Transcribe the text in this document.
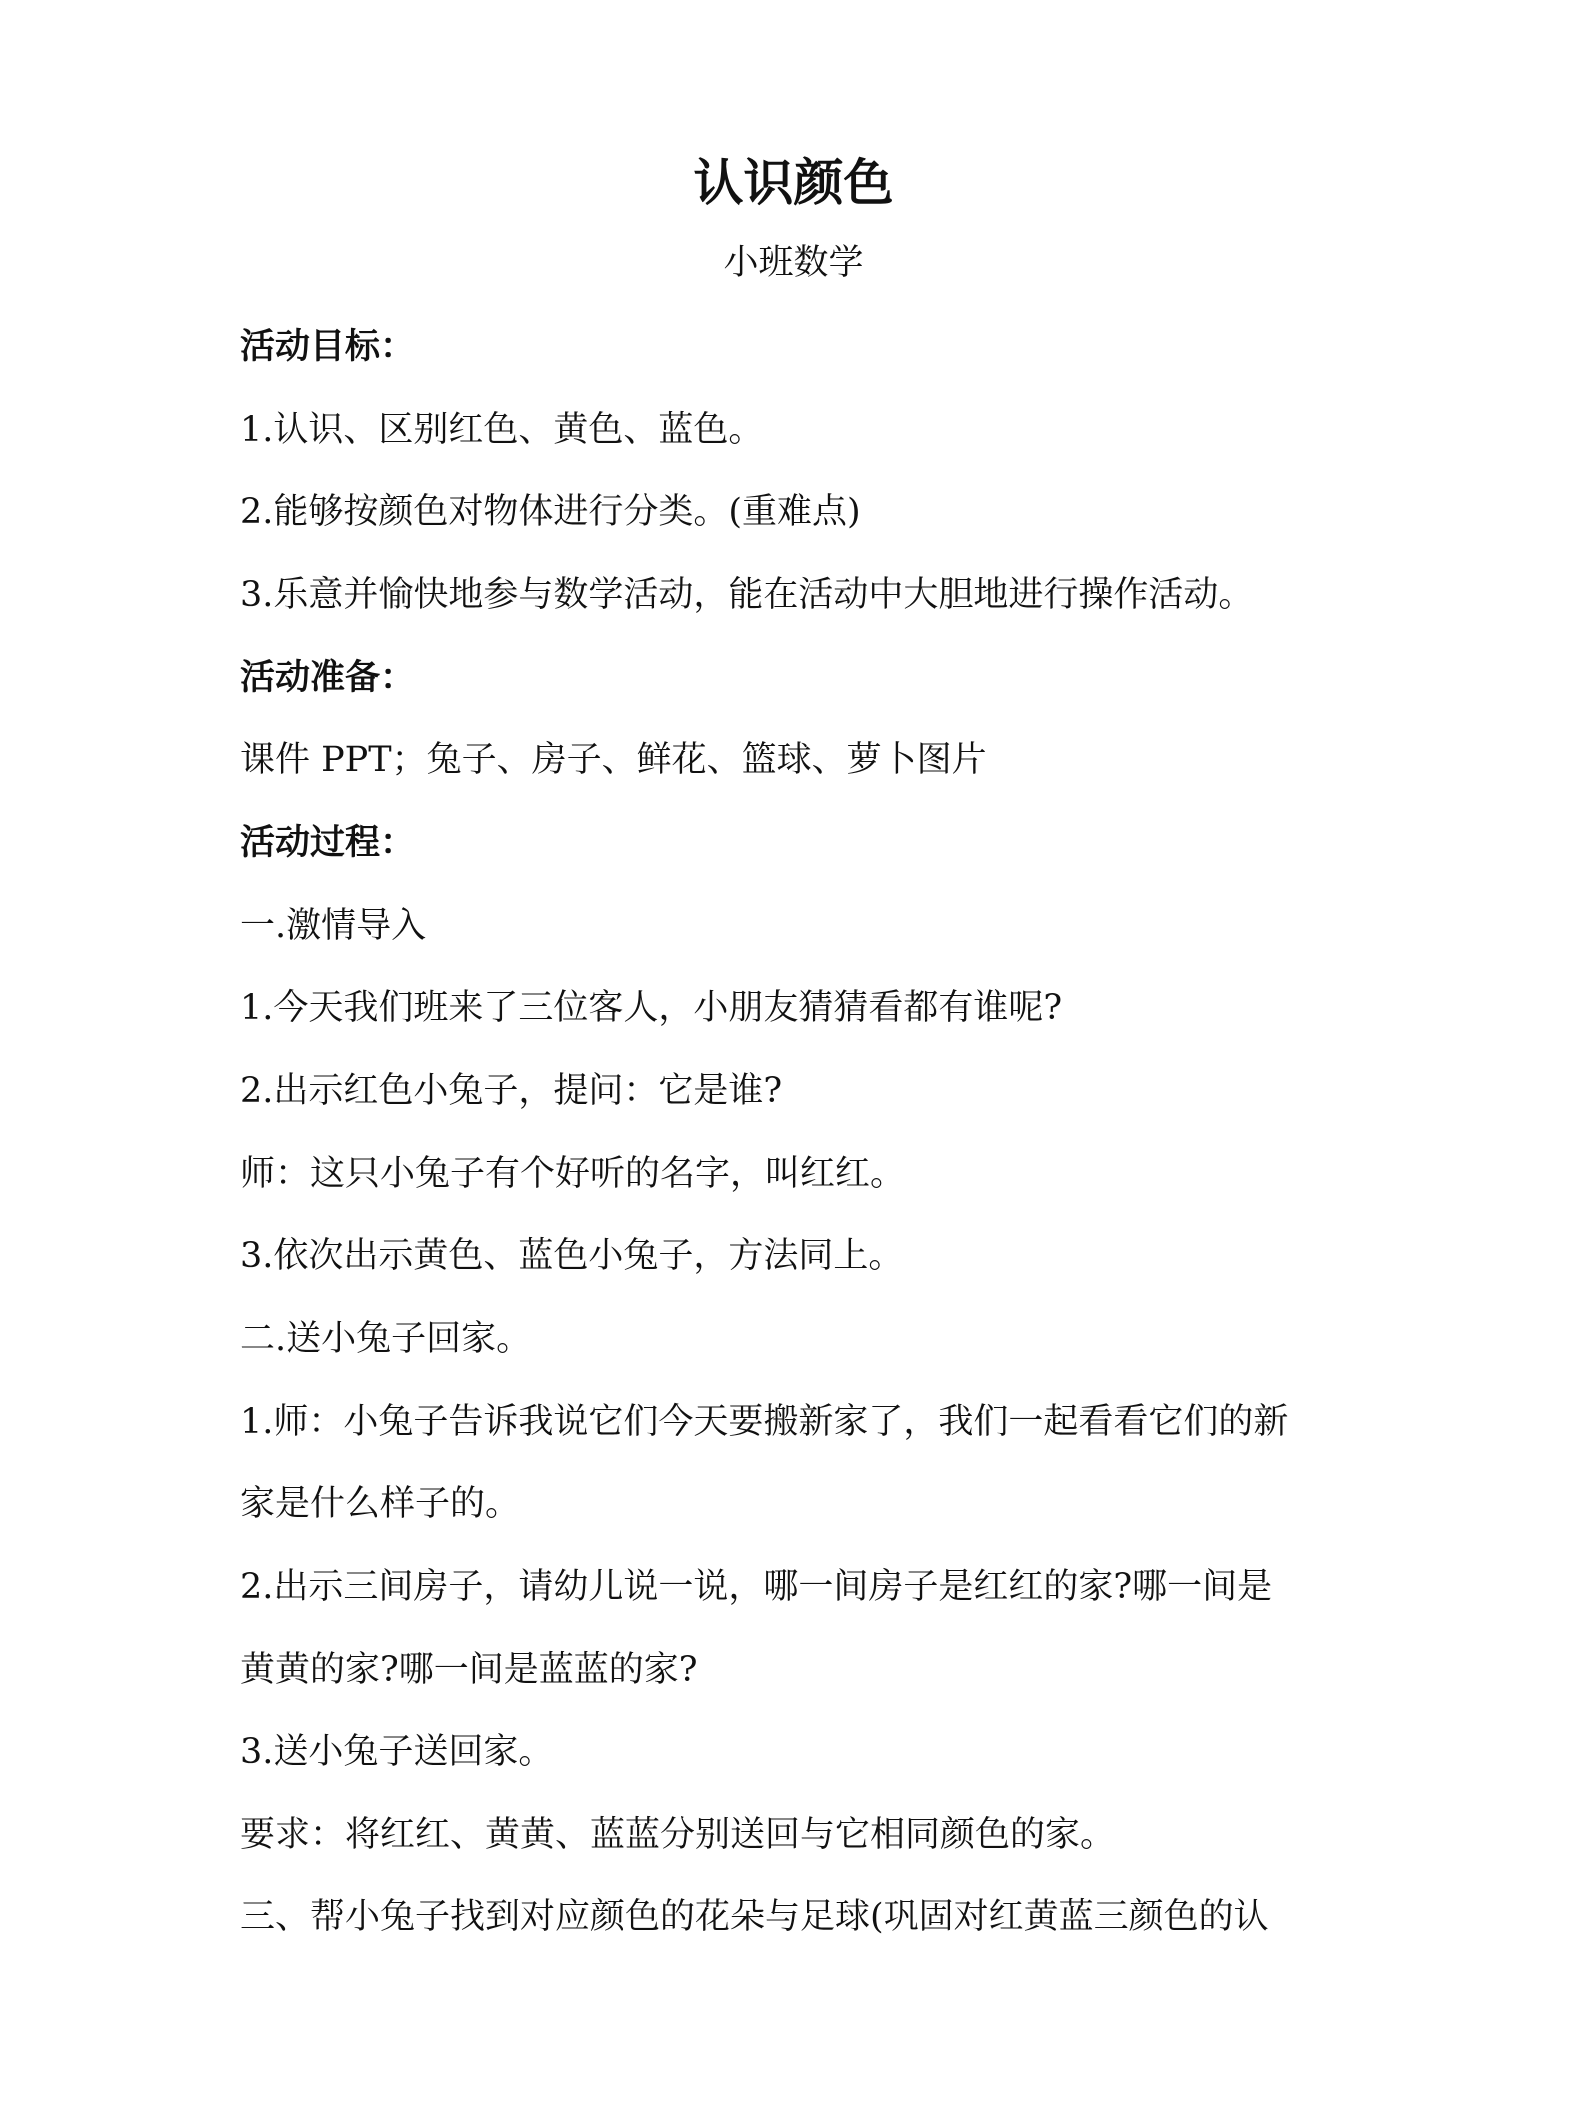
认识颜色
小班数学
活动目标：
1.认识、区别红色、黄色、蓝色。
2.能够按颜色对物体进行分类。(重难点)
3.乐意并愉快地参与数学活动，能在活动中大胆地进行操作活动。
活动准备：
课件 PPT；兔子、房子、鲜花、篮球、萝卜图片
活动过程：
一.激情导入
1.今天我们班来了三位客人，小朋友猜猜看都有谁呢?
2.出示红色小兔子，提问：它是谁?
师：这只小兔子有个好听的名字，叫红红。
3.依次出示黄色、蓝色小兔子，方法同上。
二.送小兔子回家。
1.师：小兔子告诉我说它们今天要搬新家了，我们一起看看它们的新
家是什么样子的。
2.出示三间房子，请幼儿说一说，哪一间房子是红红的家?哪一间是
黄黄的家?哪一间是蓝蓝的家?
3.送小兔子送回家。
要求：将红红、黄黄、蓝蓝分别送回与它相同颜色的家。
三、帮小兔子找到对应颜色的花朵与足球(巩固对红黄蓝三颜色的认
